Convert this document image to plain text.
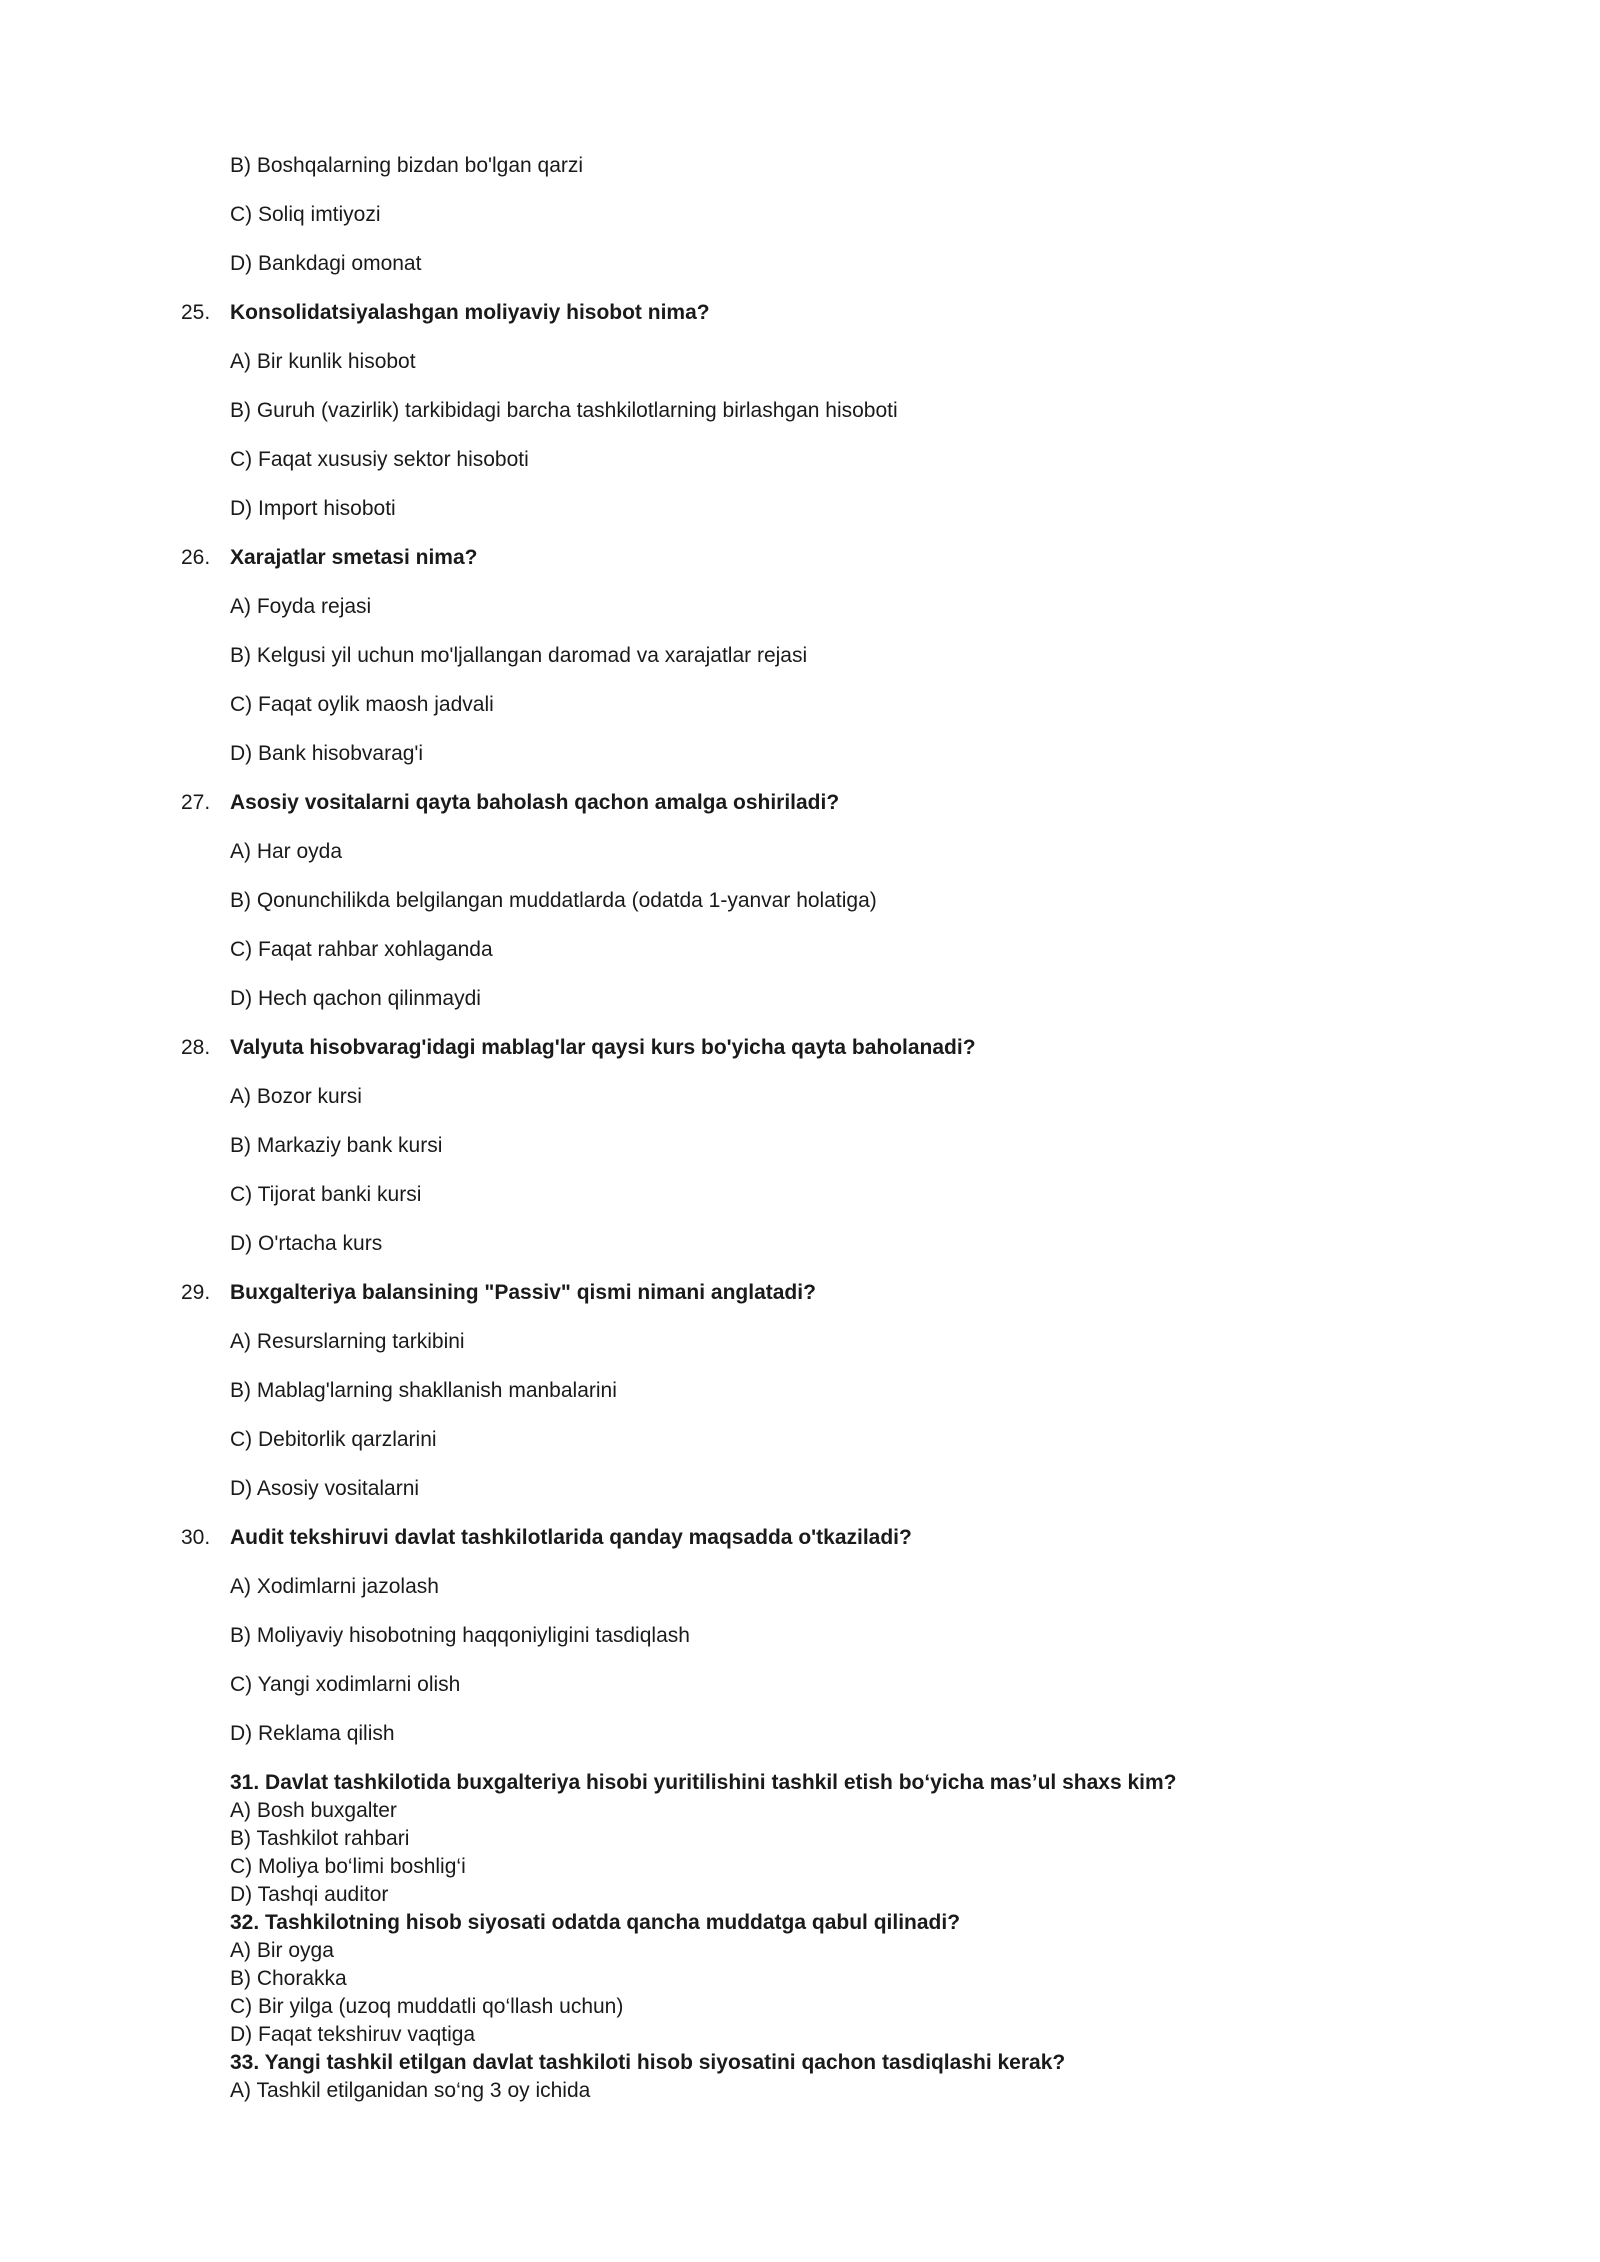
B) Boshqalarning bizdan bo'lgan qarzi
C) Soliq imtiyozi
D) Bankdagi omonat
25. Konsolidatsiyalashgan moliyaviy hisobot nima?
A) Bir kunlik hisobot
B) Guruh (vazirlik) tarkibidagi barcha tashkilotlarning birlashgan hisoboti
C) Faqat xususiy sektor hisoboti
D) Import hisoboti
26. Xarajatlar smetasi nima?
A) Foyda rejasi
B) Kelgusi yil uchun mo'ljallangan daromad va xarajatlar rejasi
C) Faqat oylik maosh jadvali
D) Bank hisobvarag'i
27. Asosiy vositalarni qayta baholash qachon amalga oshiriladi?
A) Har oyda
B) Qonunchilikda belgilangan muddatlarda (odatda 1-yanvar holatiga)
C) Faqat rahbar xohlaganda
D) Hech qachon qilinmaydi
28. Valyuta hisobvarag'idagi mablag'lar qaysi kurs bo'yicha qayta baholanadi?
A) Bozor kursi
B) Markaziy bank kursi
C) Tijorat banki kursi
D) O'rtacha kurs
29. Buxgalteriya balansining "Passiv" qismi nimani anglatadi?
A) Resurslarning tarkibini
B) Mablag'larning shakllanish manbalarini
C) Debitorlik qarzlarini
D) Asosiy vositalarni
30. Audit tekshiruvi davlat tashkilotlarida qanday maqsadda o'tkaziladi?
A) Xodimlarni jazolash
B) Moliyaviy hisobotning haqqoniyligini tasdiqlash
C) Yangi xodimlarni olish
D) Reklama qilish
31. Davlat tashkilotida buxgalteriya hisobi yuritilishini tashkil etish bo‘yicha mas’ul shaxs kim?
A) Bosh buxgalter
B) Tashkilot rahbari
C) Moliya bo‘limi boshlig‘i
D) Tashqi auditor
32. Tashkilotning hisob siyosati odatda qancha muddatga qabul qilinadi?
A) Bir oyga
B) Chorakka
C) Bir yilga (uzoq muddatli qo‘llash uchun)
D) Faqat tekshiruv vaqtiga
33. Yangi tashkil etilgan davlat tashkiloti hisob siyosatini qachon tasdiqlashi kerak?
A) Tashkil etilganidan so‘ng 3 oy ichida
